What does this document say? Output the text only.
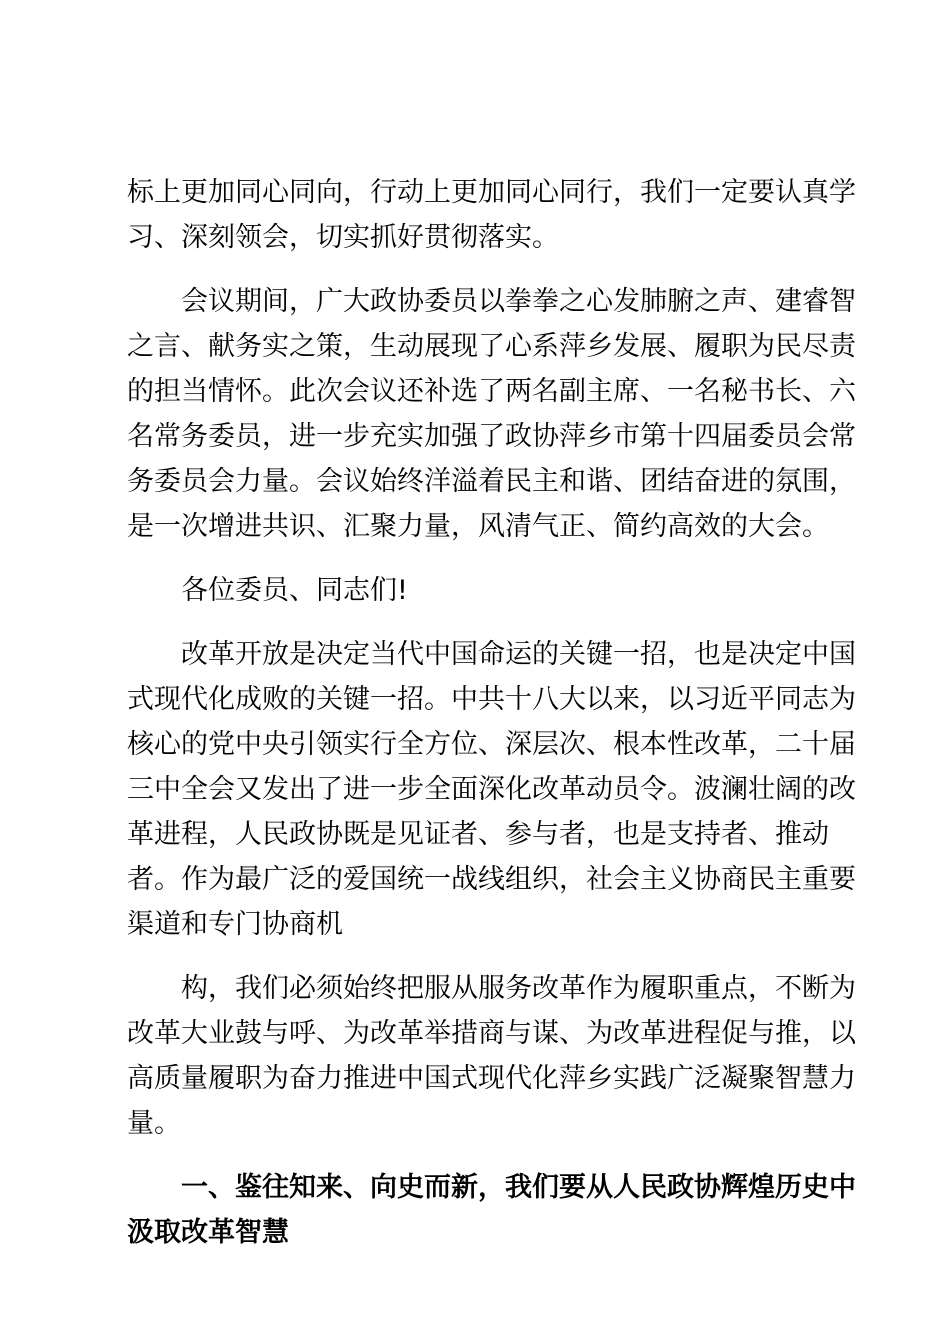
标上更加同心同向，行动上更加同心同行，我们一定要认真学
习、深刻领会，切实抓好贯彻落实。
会议期间，广大政协委员以拳拳之心发肺腑之声、建睿智
之言、献务实之策，生动展现了心系萍乡发展、履职为民尽责
的担当情怀。此次会议还补选了两名副主席、一名秘书长、六
名常务委员，进一步充实加强了政协萍乡市第十四届委员会常
务委员会力量。会议始终洋溢着民主和谐、团结奋进的氛围，
是一次增进共识、汇聚力量，风清气正、简约高效的大会。
各位委员、同志们!
改革开放是决定当代中国命运的关键一招，也是决定中国
式现代化成败的关键一招。中共十八大以来，以习近平同志为
核心的党中央引领实行全方位、深层次、根本性改革，二十届
三中全会又发出了进一步全面深化改革动员令。波澜壮阔的改
革进程，人民政协既是见证者、参与者，也是支持者、推动
者。作为最广泛的爱国统一战线组织，社会主义协商民主重要
渠道和专门协商机
构，我们必须始终把服从服务改革作为履职重点，不断为
改革大业鼓与呼、为改革举措商与谋、为改革进程促与推，以
高质量履职为奋力推进中国式现代化萍乡实践广泛凝聚智慧力
量。
一、鉴往知来、向史而新，我们要从人民政协辉煌历史中
汲取改革智慧
